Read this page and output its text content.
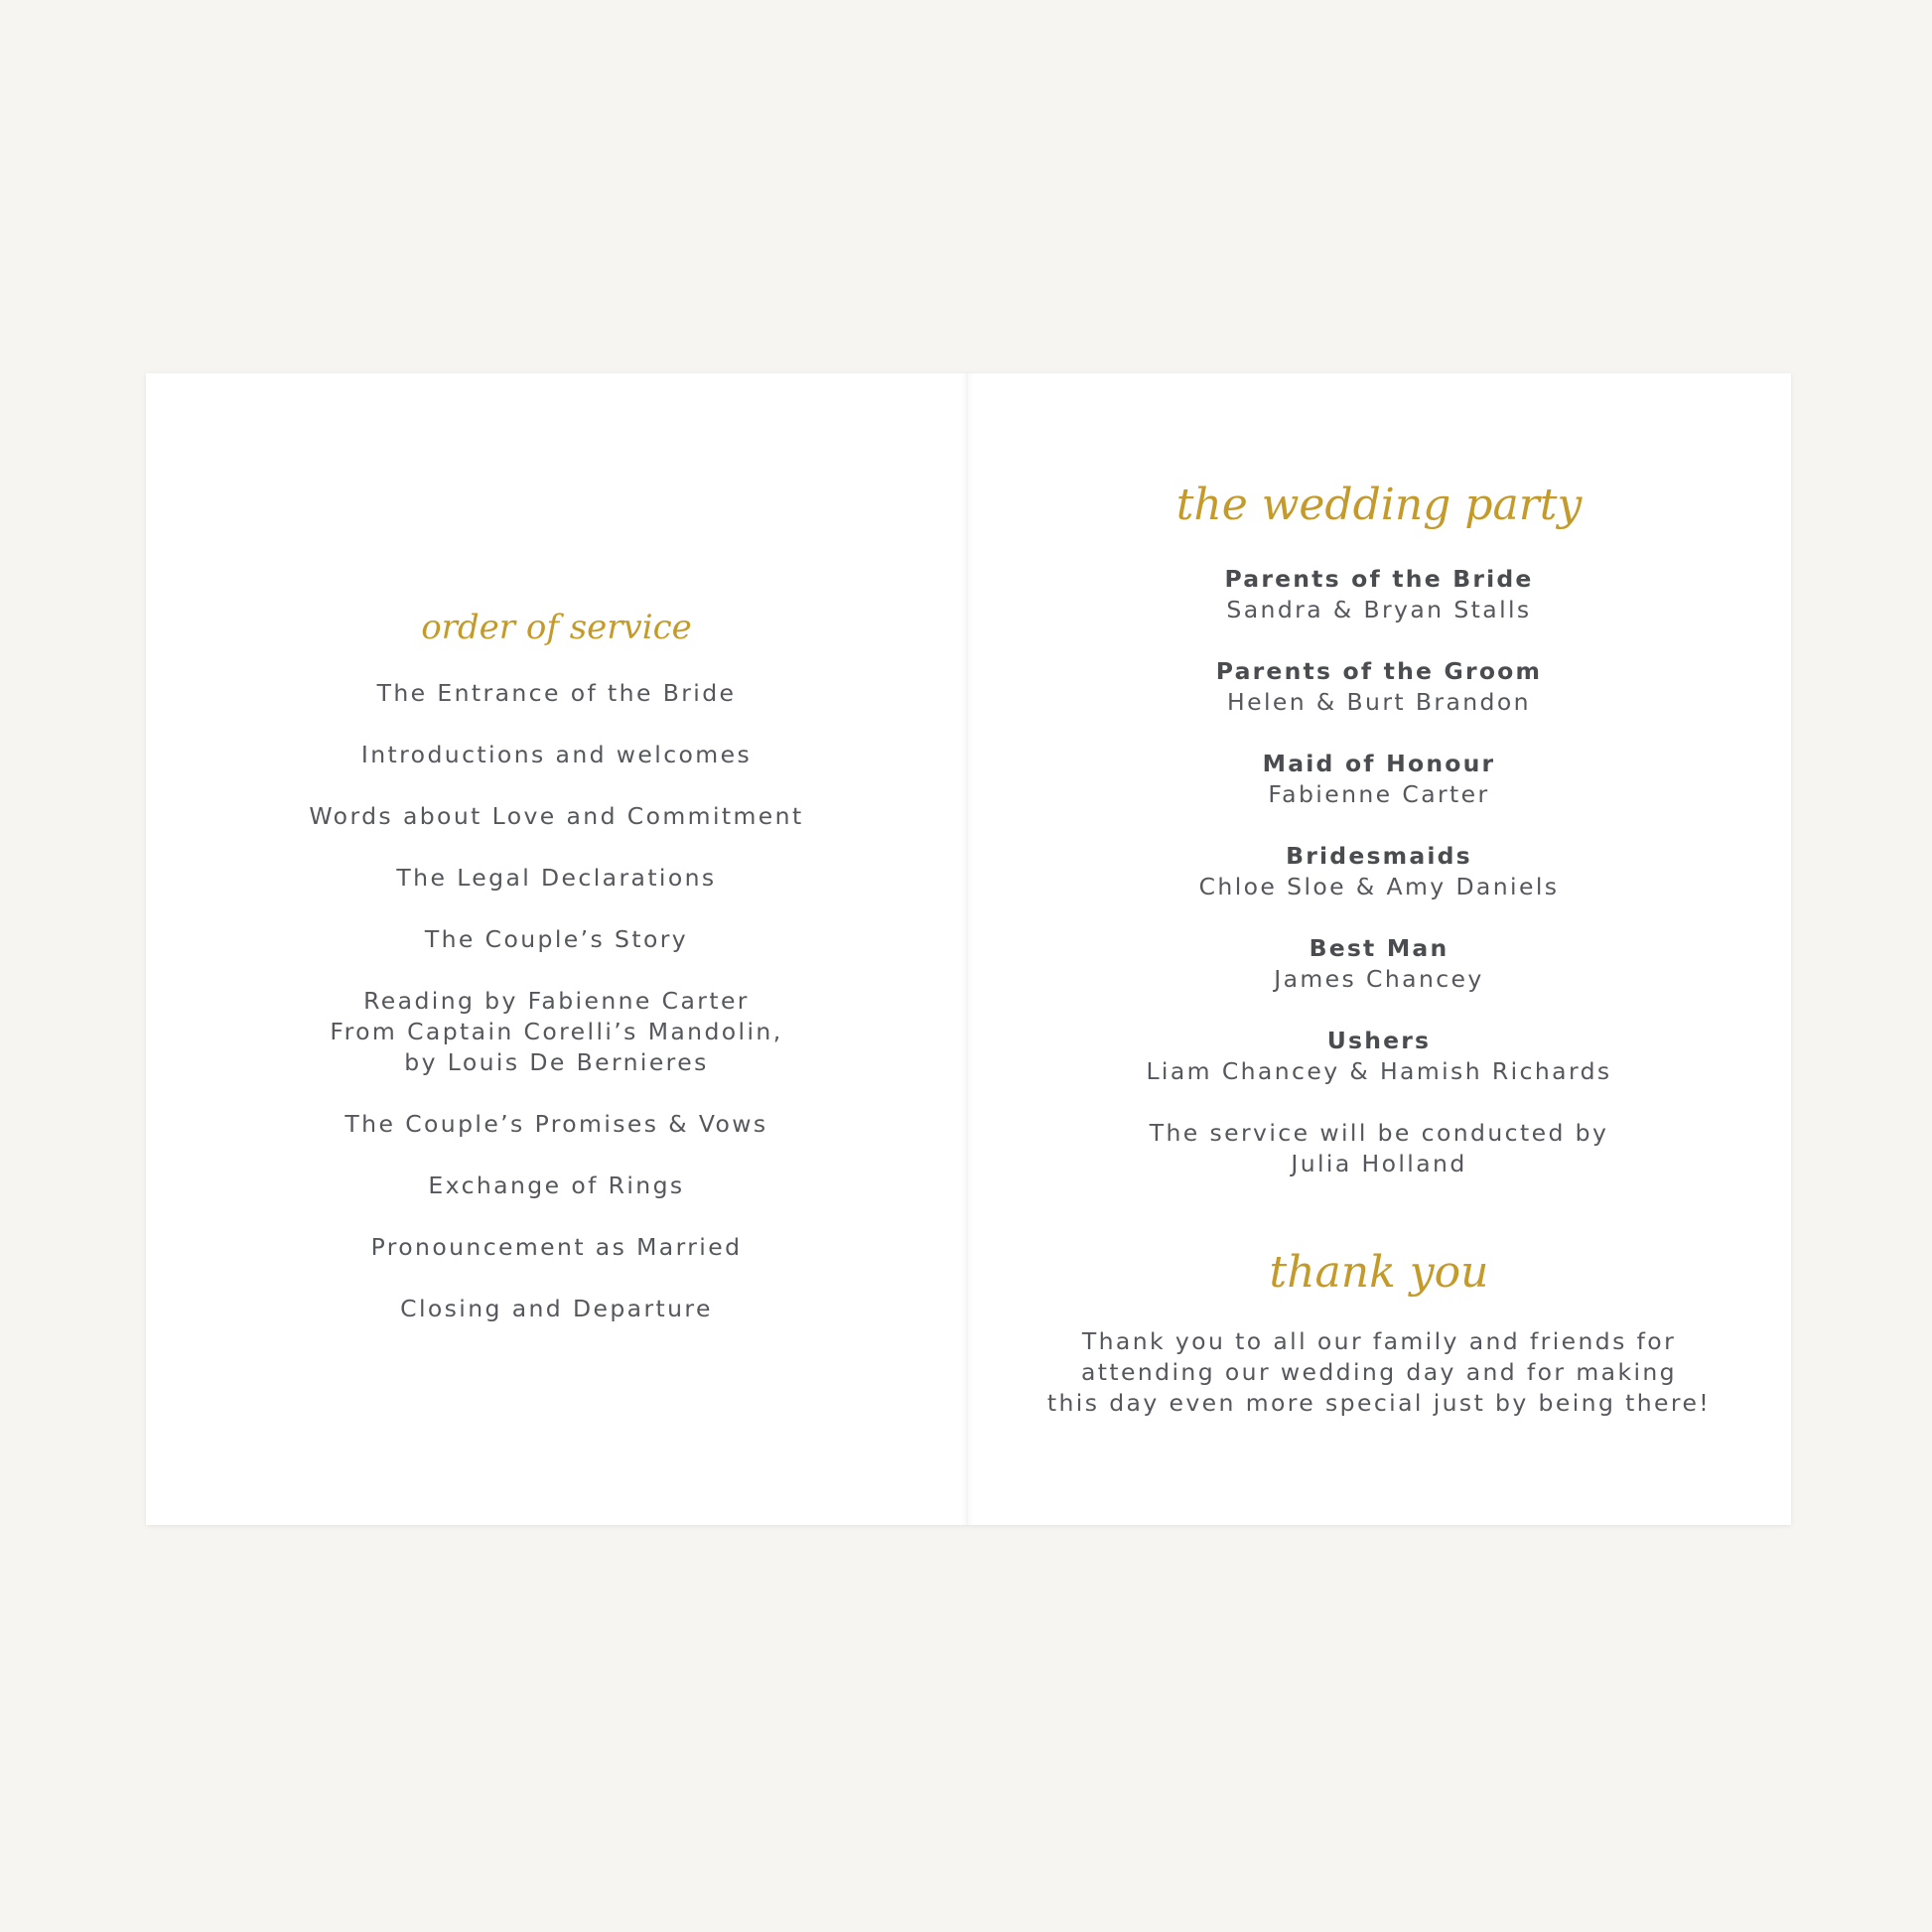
order of service

The Entrance of the Bride

Introductions and welcomes

Words about Love and Commitment

The Legal Declarations

The Couple’s Story

Reading by Fabienne Carter
From Captain Corelli’s Mandolin,
by Louis De Bernieres

The Couple’s Promises & Vows

Exchange of Rings

Pronouncement as Married

Closing and Departure

the wedding party
Parents of the Bride
Sandra & Bryan Stalls
Parents of the Groom
Helen & Burt Brandon
Maid of Honour
Fabienne Carter
Bridesmaids
Chloe Sloe & Amy Daniels
Best Man
James Chancey
Ushers
Liam Chancey & Hamish Richards
The service will be conducted by
Julia Holland
thank you
Thank you to all our family and friends for
attending our wedding day and for making
this day even more special just by being there!
